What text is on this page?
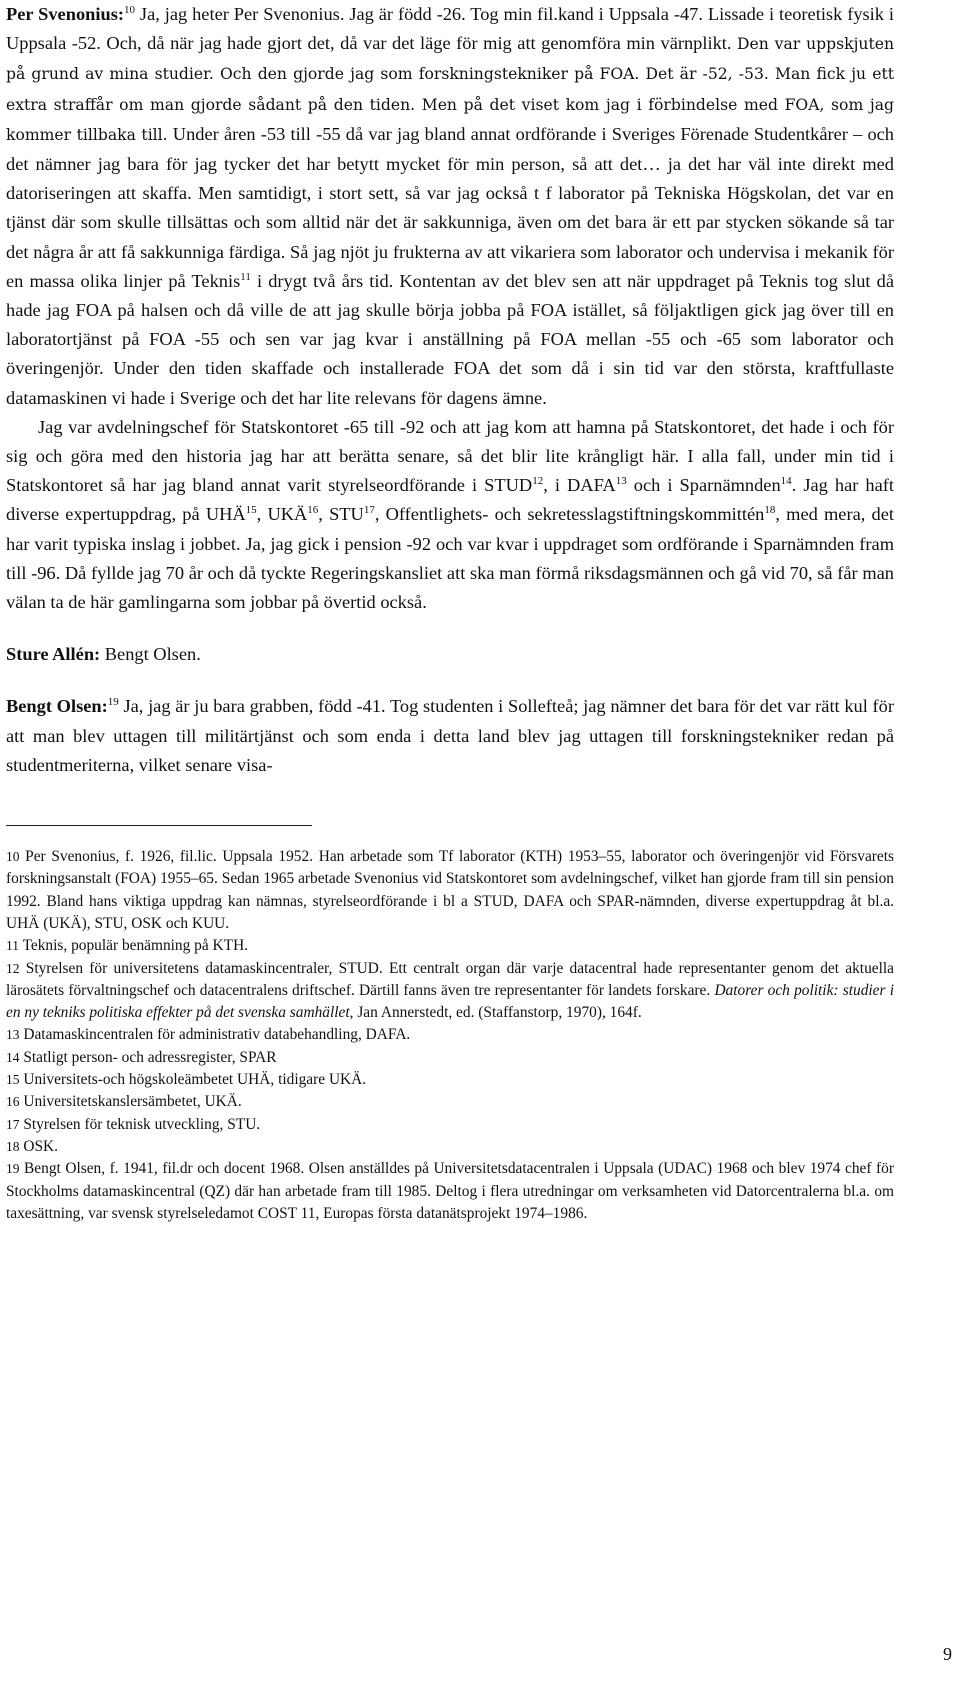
Per Svenonius:$^{10}$ Ja, jag heter Per Svenonius. Jag är född -26. Tog min fil.kand i Uppsala -47. Lissade i teoretisk fysik i Uppsala -52. Och, då när jag hade gjort det, då var det läge för mig att genomföra min värnplikt. Den var uppskjuten på grund av mina studier. Och den gjorde jag som forskningstekniker på FOA. Det är -52, -53. Man fick ju ett extra straffår om man gjorde sådant på den tiden. Men på det viset kom jag i förbindelse med FOA, som jag kommer tillbaka till. Under åren -53 till -55 då var jag bland annat ordförande i Sveriges Förenade Studentkårer – och det nämner jag bara för jag tycker det har betytt mycket för min person, så att det… ja det har väl inte direkt med datoriseringen att skaffa. Men samtidigt, i stort sett, så var jag också t f laborator på Tekniska Högskolan, det var en tjänst där som skulle tillsättas och som alltid när det är sakkunniga, även om det bara är ett par stycken sökande så tar det några år att få sakkunniga färdiga. Så jag njöt ju frukterna av att vikariera som laborator och undervisa i mekanik för en massa olika linjer på Teknis$^{11}$ i drygt två års tid. Kontentan av det blev sen att när uppdraget på Teknis tog slut då hade jag FOA på halsen och då ville de att jag skulle börja jobba på FOA istället, så följaktligen gick jag över till en laboratortjänst på FOA -55 och sen var jag kvar i anställning på FOA mellan -55 och -65 som laborator och överingenjör. Under den tiden skaffade och installerade FOA det som då i sin tid var den största, kraftfullaste datamaskinen vi hade i Sverige och det har lite relevans för dagens ämne.

Jag var avdelningschef för Statskontoret -65 till -92 och att jag kom att hamna på Statskontoret, det hade i och för sig och göra med den historia jag har att berätta senare, så det blir lite krångligt här. I alla fall, under min tid i Statskontoret så har jag bland annat varit styrelseordförande i STUD$^{12}$, i DAFA$^{13}$ och i Sparnämnden$^{14}$. Jag har haft diverse expertuppdrag, på UHÄ$^{15}$, UKÄ$^{16}$, STU$^{17}$, Offentlighets- och sekretesslagstiftningskommittén$^{18}$, med mera, det har varit typiska inslag i jobbet. Ja, jag gick i pension -92 och var kvar i uppdraget som ordförande i Sparnämnden fram till -96. Då fyllde jag 70 år och då tyckte Regeringskansliet att ska man förmå riksdagsmännen och gå vid 70, så får man välan ta de här gamlingarna som jobbar på övertid också.

Sture Allén: Bengt Olsen.

Bengt Olsen:$^{19}$ Ja, jag är ju bara grabben, född -41. Tog studenten i Sollefteå; jag nämner det bara för det var rätt kul för att man blev uttagen till militärtjänst och som enda i detta land blev jag uttagen till forskningstekniker redan på studentmeriterna, vilket senare visa-

10 Per Svenonius, f. 1926, fil.lic. Uppsala 1952. Han arbetade som Tf laborator (KTH) 1953–55, laborator och överingenjör vid Försvarets forskningsanstalt (FOA) 1955–65. Sedan 1965 arbetade Svenonius vid Statskontoret som avdelningschef, vilket han gjorde fram till sin pension 1992. Bland hans viktiga uppdrag kan nämnas, styrelseordförande i bl a STUD, DAFA och SPAR-nämnden, diverse expertuppdrag åt bl.a. UHÄ (UKÄ), STU, OSK och KUU.

11 Teknis, populär benämning på KTH.

12 Styrelsen för universitetens datamaskincentraler, STUD. Ett centralt organ där varje datacentral hade representanter genom det aktuella lärosätets förvaltningschef och datacentralens driftschef. Därtill fanns även tre representanter för landets forskare. Datorer och politik: studier i en ny tekniks politiska effekter på det svenska samhället, Jan Annerstedt, ed. (Staffanstorp, 1970), 164f.

13 Datamaskincentralen för administrativ databehandling, DAFA.

14 Statligt person- och adressregister, SPAR

15 Universitets-och högskoleämbetet UHÄ, tidigare UKÄ.

16 Universitetskanslersämbetet, UKÄ.

17 Styrelsen för teknisk utveckling, STU.

18 OSK.

19 Bengt Olsen, f. 1941, fil.dr och docent 1968. Olsen anställdes på Universitetsdatacentralen i Uppsala (UDAC) 1968 och blev 1974 chef för Stockholms datamaskincentral (QZ) där han arbetade fram till 1985. Deltog i flera utredningar om verksamheten vid Datorcentralerna bl.a. om taxesättning, var svensk styrelseledamot COST 11, Europas första datanätsprojekt 1974–1986.

9
